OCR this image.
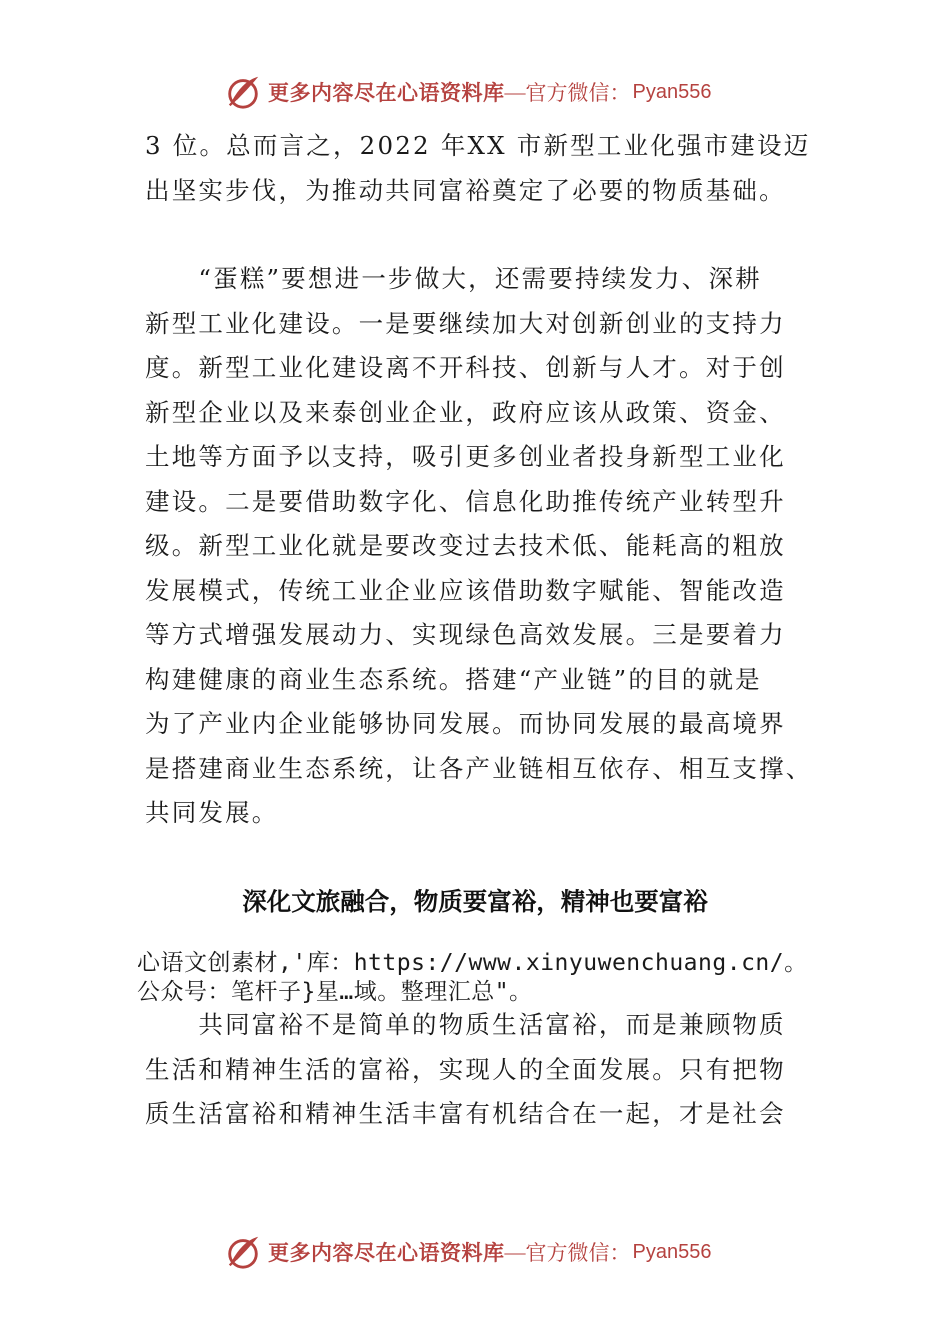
更多内容尽在心语资料库 — 官方微信： Pyan556
3 位。总而言之，2022 年XX 市新型工业化强市建设迈
出坚实步伐，为推动共同富裕奠定了必要的物质基础。
　　“蛋糕”要想进一步做大，还需要持续发力、深耕
新型工业化建设。一是要继续加大对创新创业的支持力
度。新型工业化建设离不开科技、创新与人才。对于创
新型企业以及来泰创业企业，政府应该从政策、资金、
土地等方面予以支持，吸引更多创业者投身新型工业化
建设。二是要借助数字化、信息化助推传统产业转型升
级。新型工业化就是要改变过去技术低、能耗高的粗放
发展模式，传统工业企业应该借助数字赋能、智能改造
等方式增强发展动力、实现绿色高效发展。三是要着力
构建健康的商业生态系统。搭建“产业链”的目的就是
为了产业内企业能够协同发展。而协同发展的最高境界
是搭建商业生态系统，让各产业链相互依存、相互支撑、
共同发展。
深化文旅融合，物质要富裕，精神也要富裕
心语文创素材,'库：https://www.xinyuwenchuang.cn/。
公众号：笔杆子}星…域。整理汇总"。
　　共同富裕不是简单的物质生活富裕，而是兼顾物质
生活和精神生活的富裕，实现人的全面发展。只有把物
质生活富裕和精神生活丰富有机结合在一起，才是社会
更多内容尽在心语资料库 — 官方微信： Pyan556
